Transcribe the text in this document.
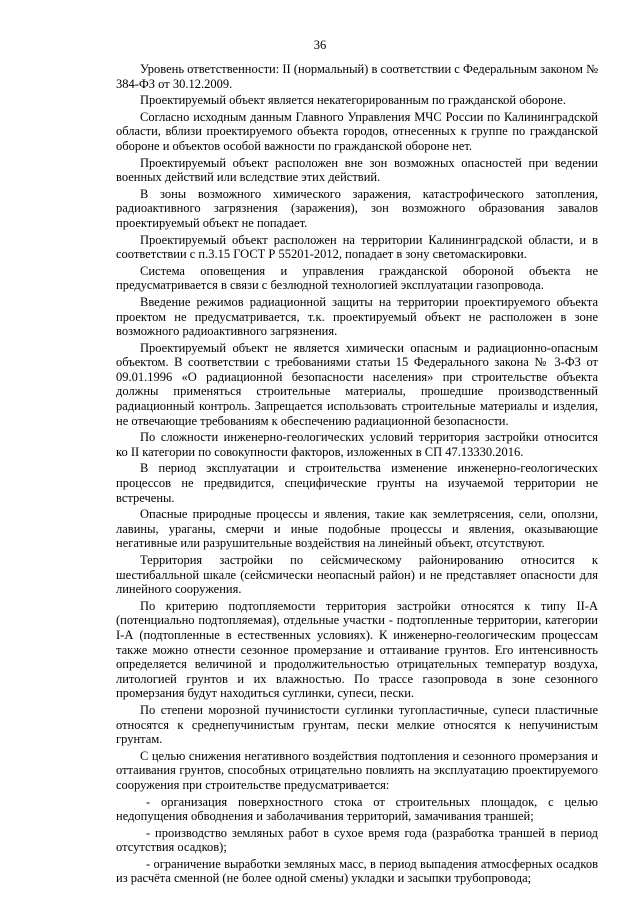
36

Уровень ответственности: II (нормальный) в соответствии с Федеральным законом № 384-ФЗ от 30.12.2009.

Проектируемый объект является некатегорированным по гражданской обороне.

Согласно исходным данным Главного Управления МЧС России по Калининградской области, вблизи проектируемого объекта городов, отнесенных к группе по гражданской обороне и объектов особой важности по гражданской обороне нет.

Проектируемый объект расположен вне зон возможных опасностей при ведении военных действий или вследствие этих действий.

В зоны возможного химического заражения, катастрофического затопления, радиоактивного загрязнения (заражения), зон возможного образования завалов проектируемый объект не попадает.

Проектируемый объект расположен на территории Калининградской области, и в соответствии с п.3.15 ГОСТ Р 55201-2012, попадает в зону светомаскировки.

Система оповещения и управления гражданской обороной объекта не предусматривается в связи с безлюдной технологией эксплуатации газопровода.

Введение режимов радиационной защиты на территории проектируемого объекта проектом не предусматривается, т.к. проектируемый объект не расположен в зоне возможного радиоактивного загрязнения.

Проектируемый объект не является химически опасным и радиационно-опасным объектом. В соответствии с требованиями статьи 15 Федерального закона № 3-ФЗ от 09.01.1996 «О радиационной безопасности населения» при строительстве объекта должны применяться строительные материалы, прошедшие производственный радиационный контроль. Запрещается использовать строительные материалы и изделия, не отвечающие требованиям к обеспечению радиационной безопасности.

По сложности инженерно-геологических условий территория застройки относится ко II категории по совокупности факторов, изложенных в СП 47.13330.2016.

В период эксплуатации и строительства изменение инженерно-геологических процессов не предвидится, специфические грунты на изучаемой территории не встречены.

Опасные природные процессы и явления, такие как землетрясения, сели, оползни, лавины, ураганы, смерчи и иные подобные процессы и явления, оказывающие негативные или разрушительные воздействия на линейный объект, отсутствуют.

Территория застройки по сейсмическому районированию относится к шестибалльной шкале (сейсмически неопасный район) и не представляет опасности для линейного сооружения.

По критерию подтопляемости территория застройки относятся к типу II-А (потенциально подтопляемая), отдельные участки - подтопленные территории, категории I-А (подтопленные в естественных условиях). К инженерно-геологическим процессам также можно отнести сезонное промерзание и оттаивание грунтов. Его интенсивность определяется величиной и продолжительностью отрицательных температур воздуха, литологией грунтов и их влажностью. По трассе газопровода в зоне сезонного промерзания будут находиться суглинки, супеси, пески.

По степени морозной пучинистости суглинки тугопластичные, супеси пластичные относятся к среднепучинистым грунтам, пески мелкие относятся к непучинистым грунтам.

С целью снижения негативного воздействия подтопления и сезонного промерзания и оттаивания грунтов, способных отрицательно повлиять на эксплуатацию проектируемого сооружения при строительстве предусматривается:

- организация поверхностного стока от строительных площадок, с целью недопущения обводнения и заболачивания территорий, замачивания траншей;

- производство земляных работ в сухое время года (разработка траншей в период отсутствия осадков);

- ограничение выработки земляных масс, в период выпадения атмосферных осадков из расчёта сменной (не более одной смены) укладки и засыпки трубопровода;
